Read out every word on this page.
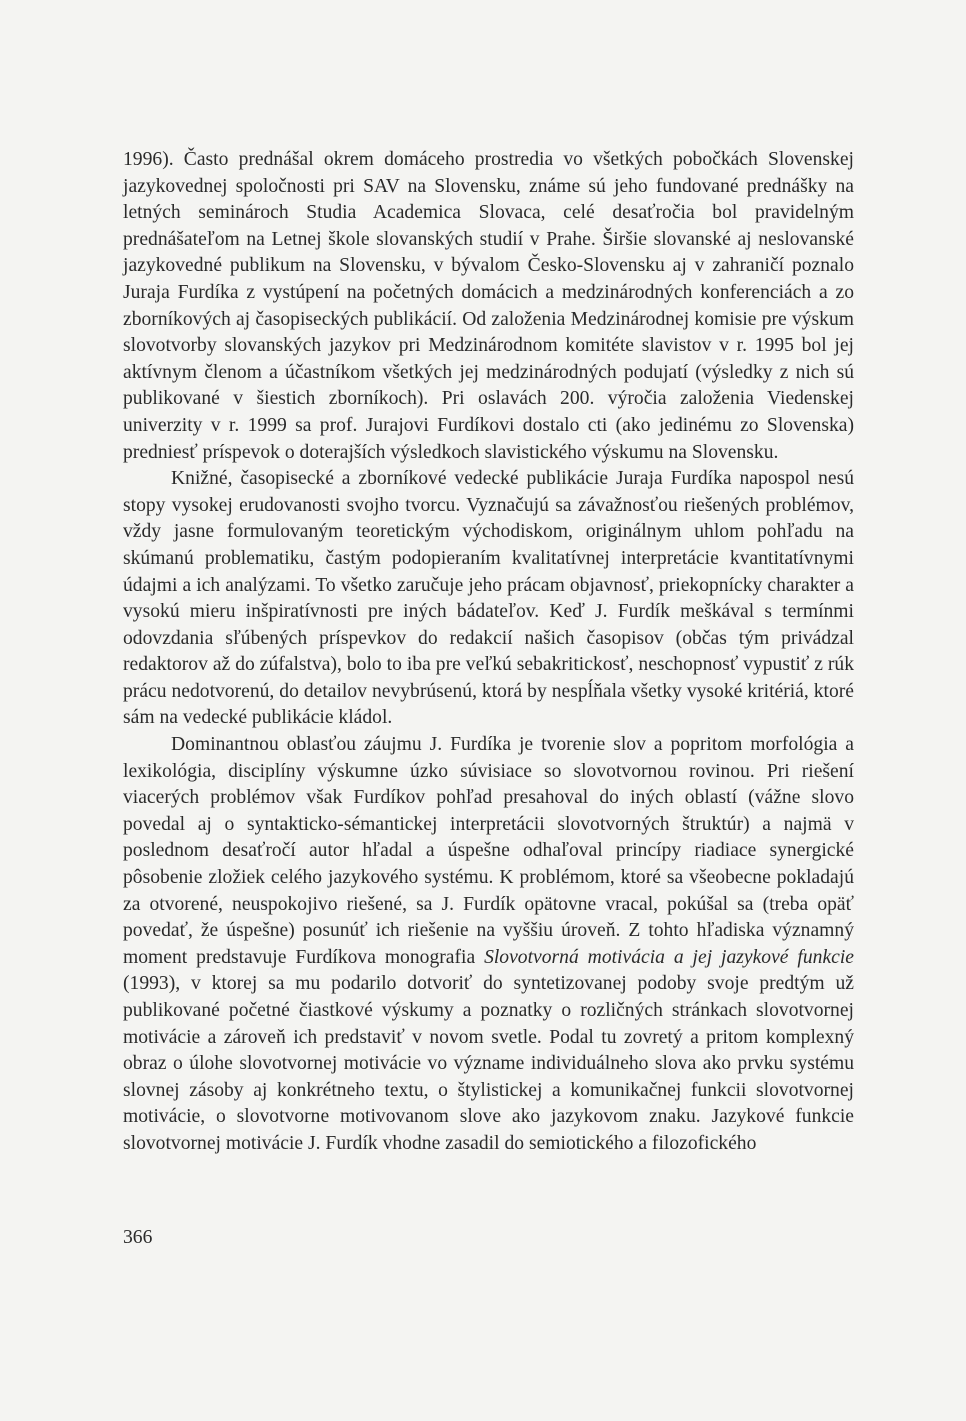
1996). Často prednášal okrem domáceho prostredia vo všetkých pobočkách Slovenskej jazykovednej spoločnosti pri SAV na Slovensku, známe sú jeho fundované prednášky na letných seminároch Studia Academica Slovaca, celé desaťročia bol pravidelným prednášateľom na Letnej škole slovanských studií v Prahe. Širšie slovanské aj neslovanské jazykovedné publikum na Slovensku, v bývalom Česko-Slovensku aj v zahraničí poznalo Juraja Furdíka z vystúpení na početných domácich a medzinárodných konferenciách a zo zborníkových aj časopiseckých publikácií. Od založenia Medzinárodnej komisie pre výskum slovotvorby slovanských jazykov pri Medzinárodnom komitéte slavistov v r. 1995 bol jej aktívnym členom a účastníkom všetkých jej medzinárodných podujatí (výsledky z nich sú publikované v šiestich zborníkoch). Pri oslavách 200. výročia založenia Viedenskej univerzity v r. 1999 sa prof. Jurajovi Furdíkovi dostalo cti (ako jedinému zo Slovenska) predniesť príspevok o doterajších výsledkoch slavistického výskumu na Slovensku.

Knižné, časopisecké a zborníkové vedecké publikácie Juraja Furdíka napospol nesú stopy vysokej erudovanosti svojho tvorcu. Vyznačujú sa závažnosťou riešených problémov, vždy jasne formulovaným teoretickým východiskom, originálnym uhlom pohľadu na skúmanú problematiku, častým podopieraním kvalitatívnej interpretácie kvantitatívnymi údajmi a ich analýzami. To všetko zaručuje jeho prácam objavnosť, priekopnícky charakter a vysokú mieru inšpiratívnosti pre iných bádateľov. Keď J. Furdík meškával s termínmi odovzdania sľúbených príspevkov do redakcií našich časopisov (občas tým privádzal redaktorov až do zúfalstva), bolo to iba pre veľkú sebakritickosť, neschopnosť vypustiť z rúk prácu nedotvorenú, do detailov nevybrúsenú, ktorá by nespĺňala všetky vysoké kritériá, ktoré sám na vedecké publikácie kládol.

Dominantnou oblasťou záujmu J. Furdíka je tvorenie slov a popritom morfológia a lexikológia, disciplíny výskumne úzko súvisiace so slovotvornou rovinou. Pri riešení viacerých problémov však Furdíkov pohľad presahoval do iných oblastí (vážne slovo povedal aj o syntakticko-sémantickej interpretácii slovotvorných štruktúr) a najmä v poslednom desaťročí autor hľadal a úspešne odhaľoval princípy riadiace synergické pôsobenie zložiek celého jazykového systému. K problémom, ktoré sa všeobecne pokladajú za otvorené, neuspokojivo riešené, sa J. Furdík opätovne vracal, pokúšal sa (treba opäť povedať, že úspešne) posunúť ich riešenie na vyššiu úroveň. Z tohto hľadiska významný moment predstavuje Furdíkova monografia Slovotvorná motivácia a jej jazykové funkcie (1993), v ktorej sa mu podarilo dotvoriť do syntetizovanej podoby svoje predtým už publikované početné čiastkové výskumy a poznatky o rozličných stránkach slovotvornej motivácie a zároveň ich predstaviť v novom svetle. Podal tu zovretý a pritom komplexný obraz o úlohe slovotvornej motivácie vo význame individuálneho slova ako prvku systému slovnej zásoby aj konkrétneho textu, o štylistickej a komunikačnej funkcii slovotvornej motivácie, o slovotvorne motivovanom slove ako jazykovom znaku. Jazykové funkcie slovotvornej motivácie J. Furdík vhodne zasadil do semiotického a filozofického

366
